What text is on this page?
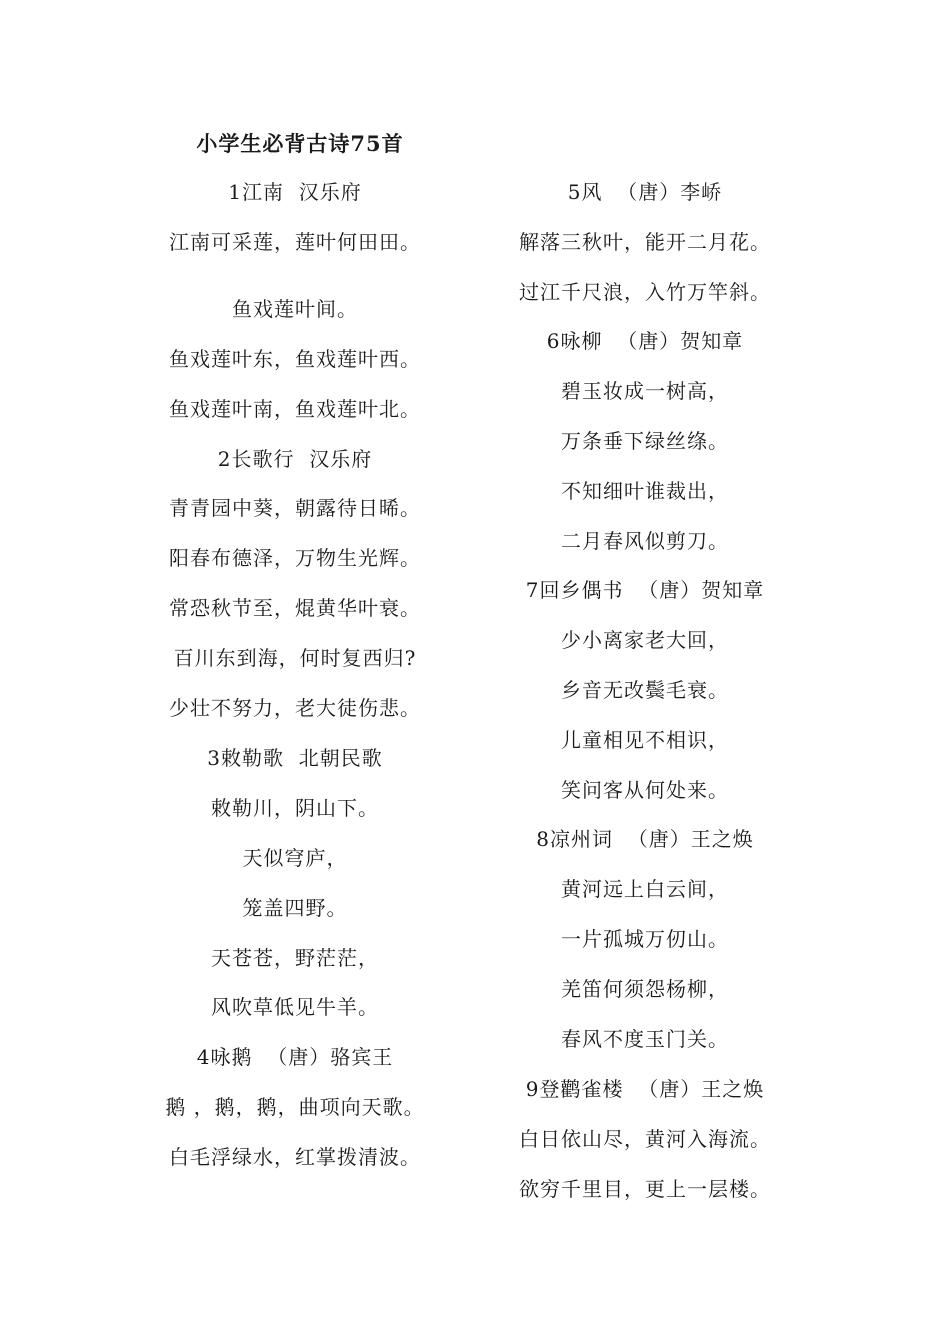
小学生必背古诗75首
1江南  汉乐府
江南可采莲，莲叶何田田。
鱼戏莲叶间。
鱼戏莲叶东，鱼戏莲叶西。
鱼戏莲叶南，鱼戏莲叶北。
2长歌行  汉乐府
青青园中葵，朝露待日晞。
阳春布德泽，万物生光辉。
常恐秋节至，焜黄华叶衰。
百川东到海，何时复西归?
少壮不努力，老大徒伤悲。
3敕勒歌  北朝民歌
敕勒川，阴山下。
天似穹庐，
笼盖四野。
天苍苍，野茫茫，
风吹草低见牛羊。
4咏鹅  （唐）骆宾王
鹅 ，鹅，鹅，曲项向天歌。
白毛浮绿水，红掌拨清波。
5风  （唐）李峤
解落三秋叶，能开二月花。
过江千尺浪，入竹万竿斜。
6咏柳  （唐）贺知章
碧玉妆成一树高，
万条垂下绿丝绦。
不知细叶谁裁出，
二月春风似剪刀。
7回乡偶书  （唐）贺知章
少小离家老大回，
乡音无改鬓毛衰。
儿童相见不相识，
笑问客从何处来。
8凉州词  （唐）王之焕
黄河远上白云间，
一片孤城万仞山。
羌笛何须怨杨柳，
春风不度玉门关。
9登鹳雀楼  （唐）王之焕
白日依山尽，黄河入海流。
欲穷千里目，更上一层楼。
